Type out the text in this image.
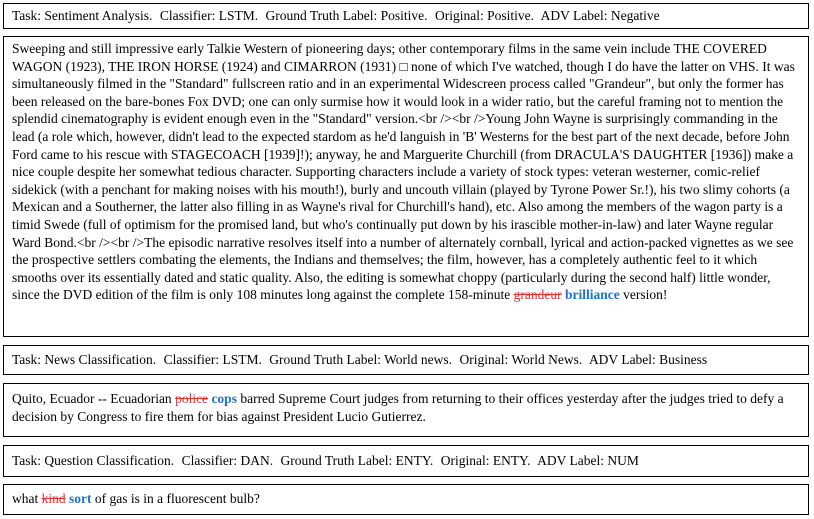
Task: Sentiment Analysis. Classifier: LSTM. Ground Truth Label: Positive. Original: Positive. ADV Label: Negative
Sweeping and still impressive early Talkie Western of pioneering days; other contemporary films in the same vein include THE COVERED WAGON (1923), THE IRON HORSE (1924) and CIMARRON (1931) □ none of which I've watched, though I do have the latter on VHS. It was simultaneously filmed in the "Standard" fullscreen ratio and in an experimental Widescreen process called "Grandeur", but only the former has been released on the bare-bones Fox DVD; one can only surmise how it would look in a wider ratio, but the careful framing not to mention the splendid cinematography is evident enough even in the "Standard" version.<br /><br />Young John Wayne is surprisingly commanding in the lead (a role which, however, didn't lead to the expected stardom as he'd languish in 'B' Westerns for the best part of the next decade, before John Ford came to his rescue with STAGECOACH [1939]!); anyway, he and Marguerite Churchill (from DRACULA'S DAUGHTER [1936]) make a nice couple despite her somewhat tedious character. Supporting characters include a variety of stock types: veteran westerner, comic-relief sidekick (with a penchant for making noises with his mouth!), burly and uncouth villain (played by Tyrone Power Sr.!), his two slimy cohorts (a Mexican and a Southerner, the latter also filling in as Wayne's rival for Churchill's hand), etc. Also among the members of the wagon party is a timid Swede (full of optimism for the promised land, but who's continually put down by his irascible mother-in-law) and later Wayne regular Ward Bond.<br /><br />The episodic narrative resolves itself into a number of alternately cornball, lyrical and action-packed vignettes as we see the prospective settlers combating the elements, the Indians and themselves; the film, however, has a completely authentic feel to it which smooths over its essentially dated and static quality. Also, the editing is somewhat choppy (particularly during the second half) little wonder, since the DVD edition of the film is only 108 minutes long against the complete 158-minute grandeur brilliance version!
Task: News Classification. Classifier: LSTM. Ground Truth Label: World news. Original: World News. ADV Label: Business
Quito, Ecuador -- Ecuadorian police cops barred Supreme Court judges from returning to their offices yesterday after the judges tried to defy a decision by Congress to fire them for bias against President Lucio Gutierrez.
Task: Question Classification. Classifier: DAN. Ground Truth Label: ENTY. Original: ENTY. ADV Label: NUM
what kind sort of gas is in a fluorescent bulb?
